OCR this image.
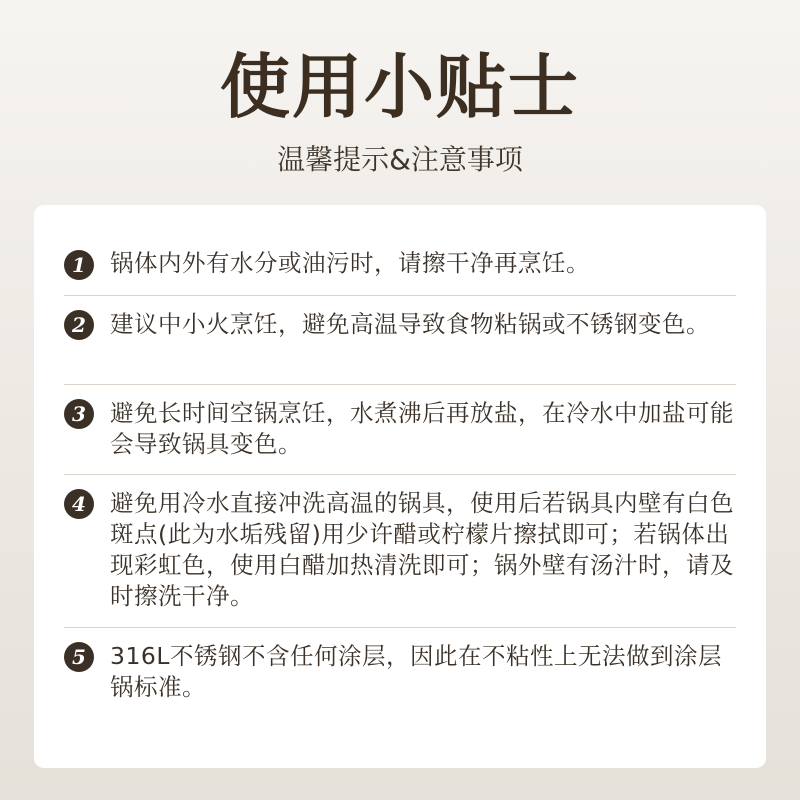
使用小贴士
温馨提示&注意事项
1	锅体内外有水分或油污时，请擦干净再烹饪。
2	建议中小火烹饪，避免高温导致食物粘锅或不锈钢变色。
3	避免长时间空锅烹饪，水煮沸后再放盐，在冷水中加盐可能会导致锅具变色。
4	避免用冷水直接冲洗高温的锅具，使用后若锅具内壁有白色斑点(此为水垢残留)用少许醋或柠檬片擦拭即可；若锅体出现彩虹色，使用白醋加热清洗即可；锅外壁有汤汁时，请及时擦洗干净。
5	316L不锈钢不含任何涂层，因此在不粘性上无法做到涂层锅标准。
